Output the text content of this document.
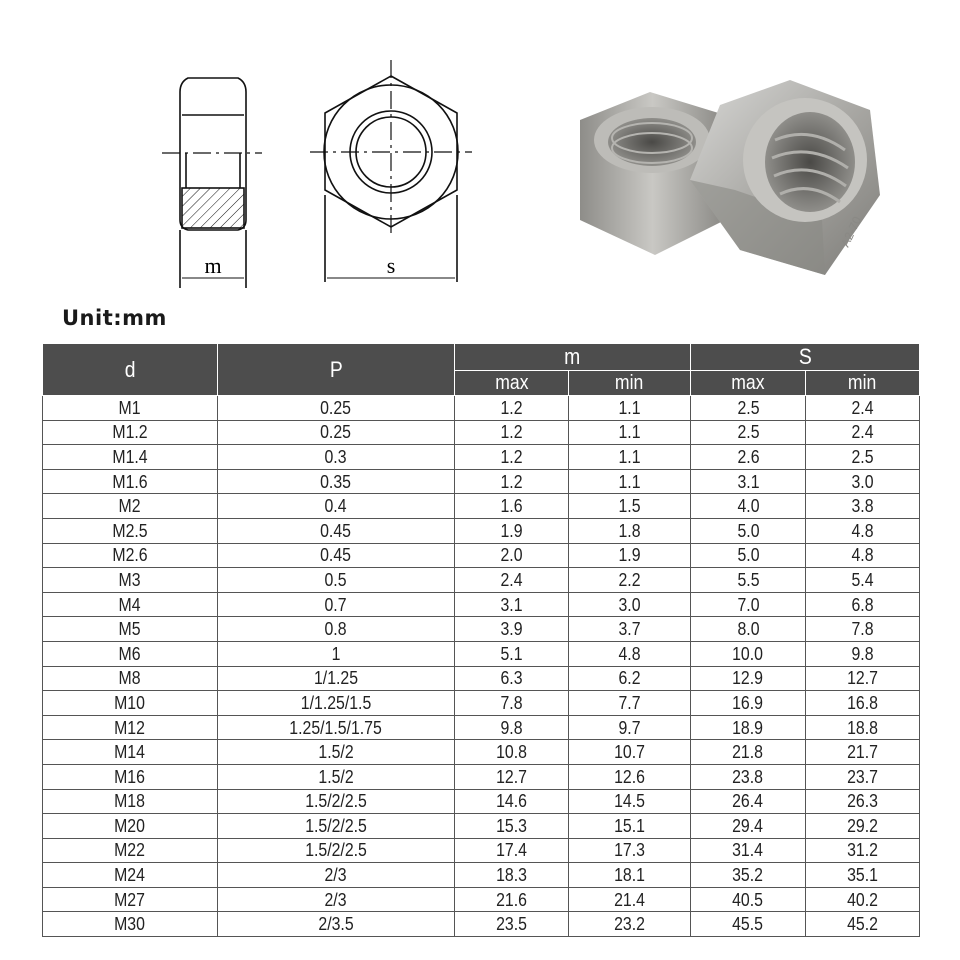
m	s
A2-70
Unit:mm
d	P	m		S	
		max	min	max	min
M1	0.25	1.2	1.1	2.5	2.4
M1.2	0.25	1.2	1.1	2.5	2.4
M1.4	0.3	1.2	1.1	2.6	2.5
M1.6	0.35	1.2	1.1	3.1	3.0
M2	0.4	1.6	1.5	4.0	3.8
M2.5	0.45	1.9	1.8	5.0	4.8
M2.6	0.45	2.0	1.9	5.0	4.8
M3	0.5	2.4	2.2	5.5	5.4
M4	0.7	3.1	3.0	7.0	6.8
M5	0.8	3.9	3.7	8.0	7.8
M6	1	5.1	4.8	10.0	9.8
M8	1/1.25	6.3	6.2	12.9	12.7
M10	1/1.25/1.5	7.8	7.7	16.9	16.8
M12	1.25/1.5/1.75	9.8	9.7	18.9	18.8
M14	1.5/2	10.8	10.7	21.8	21.7
M16	1.5/2	12.7	12.6	23.8	23.7
M18	1.5/2/2.5	14.6	14.5	26.4	26.3
M20	1.5/2/2.5	15.3	15.1	29.4	29.2
M22	1.5/2/2.5	17.4	17.3	31.4	31.2
M24	2/3	18.3	18.1	35.2	35.1
M27	2/3	21.6	21.4	40.5	40.2
M30	2/3.5	23.5	23.2	45.5	45.2
